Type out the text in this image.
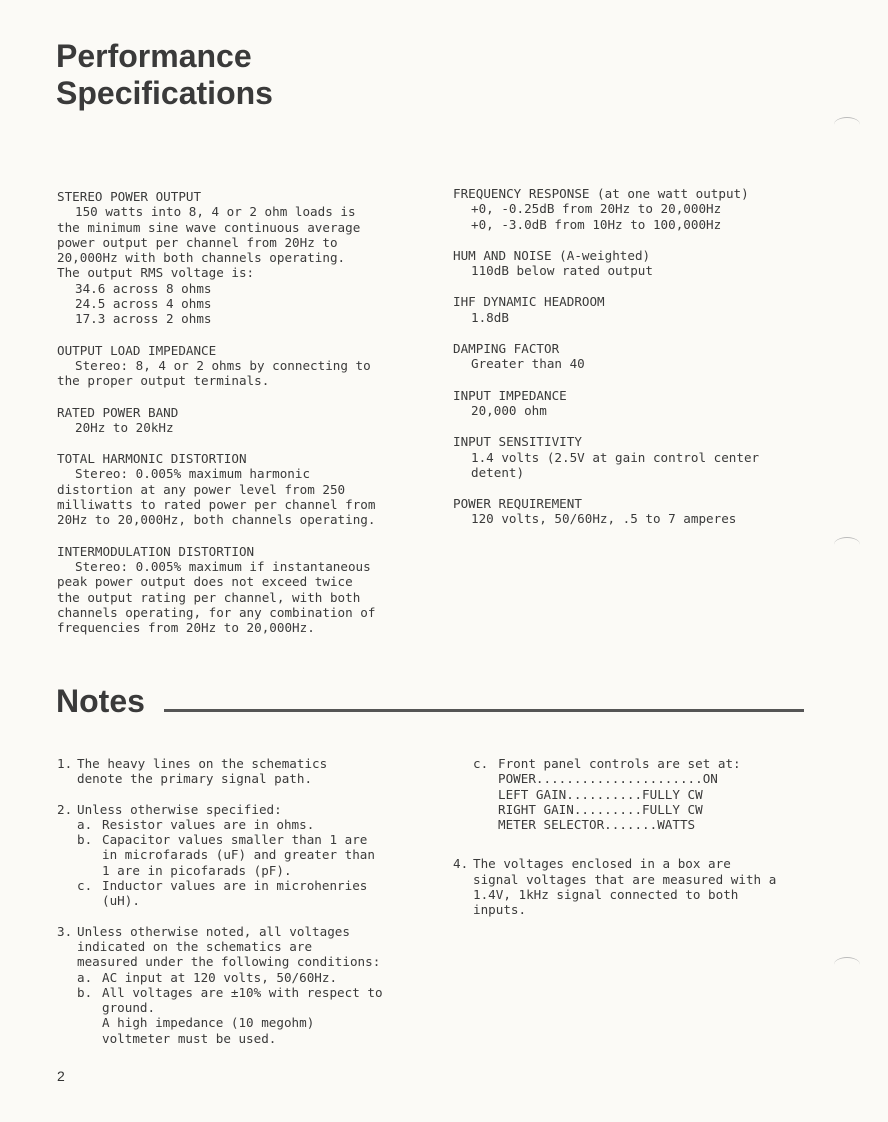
Performance
Specifications
STEREO POWER OUTPUT
150 watts into 8, 4 or 2 ohm loads is
the minimum sine wave continuous average
power output per channel from 20Hz to
20,000Hz with both channels operating.
The output RMS voltage is:
34.6 across 8 ohms
24.5 across 4 ohms
17.3 across 2 ohms
OUTPUT LOAD IMPEDANCE
Stereo: 8, 4 or 2 ohms by connecting to
the proper output terminals.
RATED POWER BAND
20Hz to 20kHz
TOTAL HARMONIC DISTORTION
Stereo: 0.005% maximum harmonic
distortion at any power level from 250
milliwatts to rated power per channel from
20Hz to 20,000Hz, both channels operating.
INTERMODULATION DISTORTION
Stereo: 0.005% maximum if instantaneous
peak power output does not exceed twice
the output rating per channel, with both
channels operating, for any combination of
frequencies from 20Hz to 20,000Hz.
FREQUENCY RESPONSE (at one watt output)
+0, -0.25dB from 20Hz to 20,000Hz
+0, -3.0dB from 10Hz to 100,000Hz
HUM AND NOISE (A-weighted)
110dB below rated output
IHF DYNAMIC HEADROOM
1.8dB
DAMPING FACTOR
Greater than 40
INPUT IMPEDANCE
20,000 ohm
INPUT SENSITIVITY
1.4 volts (2.5V at gain control center
detent)
POWER REQUIREMENT
120 volts, 50/60Hz, .5 to 7 amperes
Notes
1. The heavy lines on the schematics
denote the primary signal path.
2. Unless otherwise specified:
a. Resistor values are in ohms.
b. Capacitor values smaller than 1 are
in microfarads (uF) and greater than
1 are in picofarads (pF).
c. Inductor values are in microhenries
(uH).
3. Unless otherwise noted, all voltages
indicated on the schematics are
measured under the following conditions:
a. AC input at 120 volts, 50/60Hz.
b. All voltages are ±10% with respect to
ground.
A high impedance (10 megohm)
voltmeter must be used.
c. Front panel controls are set at:
POWER......................ON
LEFT GAIN..........FULLY CW
RIGHT GAIN.........FULLY CW
METER SELECTOR.......WATTS
4. The voltages enclosed in a box are
signal voltages that are measured with a
1.4V, 1kHz signal connected to both
inputs.
2
